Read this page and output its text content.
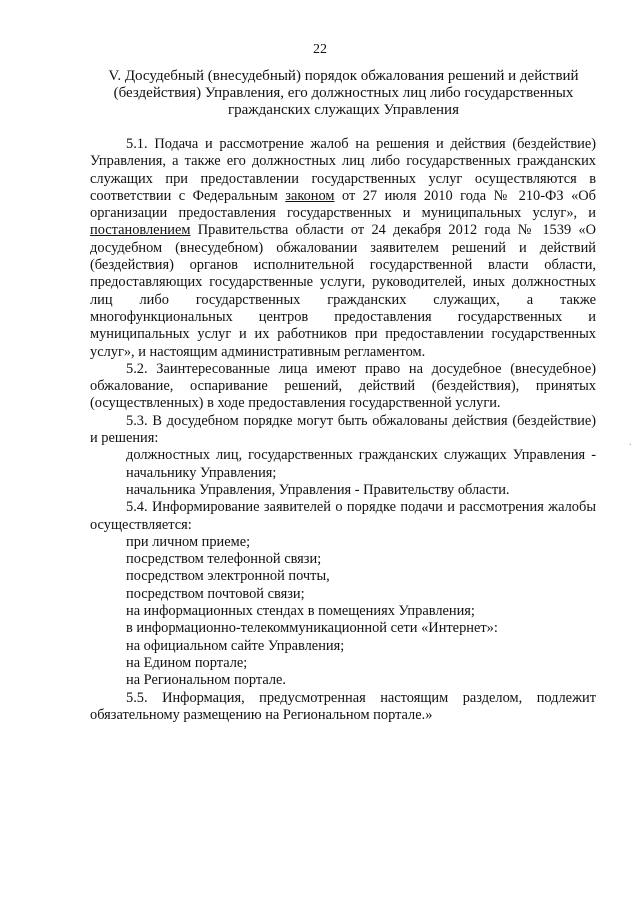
22
V. Досудебный (внесудебный) порядок обжалования решений и действий (бездействия) Управления, его должностных лиц либо государственных гражданских служащих Управления

5.1. Подача и рассмотрение жалоб на решения и действия (бездействие) Управления, а также его должностных лиц либо государственных гражданских служащих при предоставлении государственных услуг осуществляются в соответствии с Федеральным законом от 27 июля 2010 года № 210-ФЗ «Об организации предоставления государственных и муниципальных услуг», и постановлением Правительства области от 24 декабря 2012 года № 1539 «О досудебном (внесудебном) обжаловании заявителем решений и действий (бездействия) органов исполнительной государственной власти области, предоставляющих государственные услуги, руководителей, иных должностных лиц либо государственных гражданских служащих, а также многофункциональных центров предоставления государственных и муниципальных услуг и их работников при предоставлении государственных услуг», и настоящим административным регламентом.

5.2. Заинтересованные лица имеют право на досудебное (внесудебное) обжалование, оспаривание решений, действий (бездействия), принятых (осуществленных) в ходе предоставления государственной услуги.

5.3. В досудебном порядке могут быть обжалованы действия (бездействие) и решения:

должностных лиц, государственных гражданских служащих Управления - начальнику Управления;

начальника Управления, Управления - Правительству области.

5.4. Информирование заявителей о порядке подачи и рассмотрения жалобы осуществляется:

при личном приеме;

посредством телефонной связи;

посредством электронной почты,

посредством почтовой связи;

на информационных стендах в помещениях Управления;

в информационно-телекоммуникационной сети «Интернет»:

на официальном сайте Управления;

на Едином портале;

на Региональном портале.

5.5. Информация, предусмотренная настоящим разделом, подлежит обязательному размещению на Региональном портале.»

·
